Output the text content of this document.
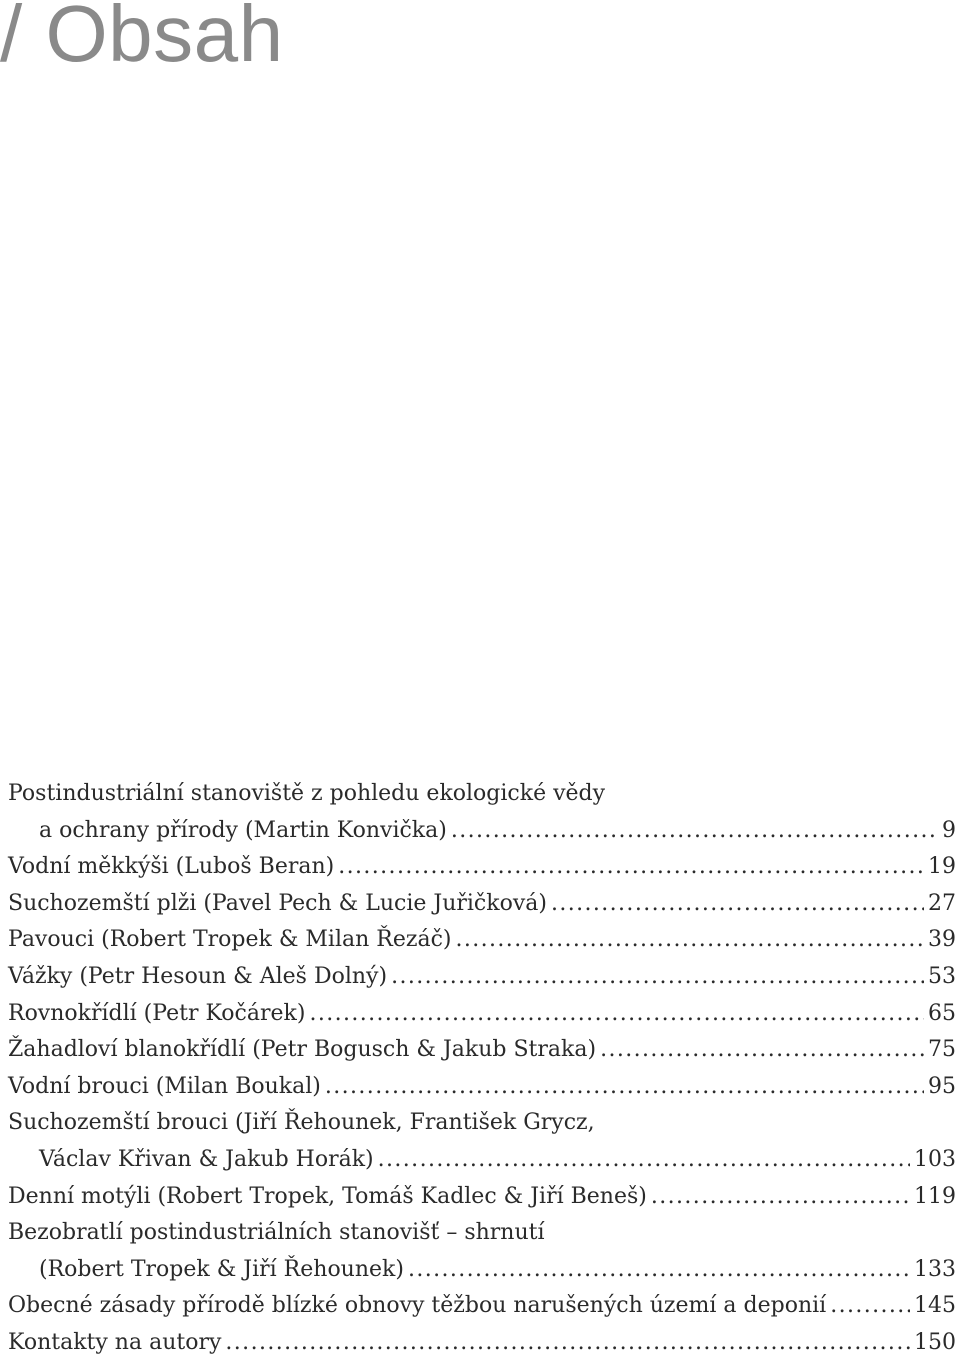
/ Obsah
Postindustriální stanoviště z pohledu ekologické vědy
a ochrany přírody (Martin Konvička) . . .	9
Vodní měkkýši (Luboš Beran) . . .	19
Suchozemští plži (Pavel Pech & Lucie Juřičková) . . .	27
Pavouci (Robert Tropek & Milan Řezáč) . . .	39
Vážky (Petr Hesoun & Aleš Dolný) . . .	53
Rovnokřídlí (Petr Kočárek) . . .	65
Žahadloví blanokřídlí (Petr Bogusch & Jakub Straka) . . .	75
Vodní brouci (Milan Boukal) . . .	95
Suchozemští brouci (Jiří Řehounek, František Grycz,
Václav Křivan & Jakub Horák) . . .	103
Denní motýli (Robert Tropek, Tomáš Kadlec & Jiří Beneš) . . .	119
Bezobratlí postindustriálních stanovišť – shrnutí
(Robert Tropek & Jiří Řehounek) . . .	133
Obecné zásady přírodě blízké obnovy těžbou narušených území a deponií . . .	145
Kontakty na autory . . .	150
